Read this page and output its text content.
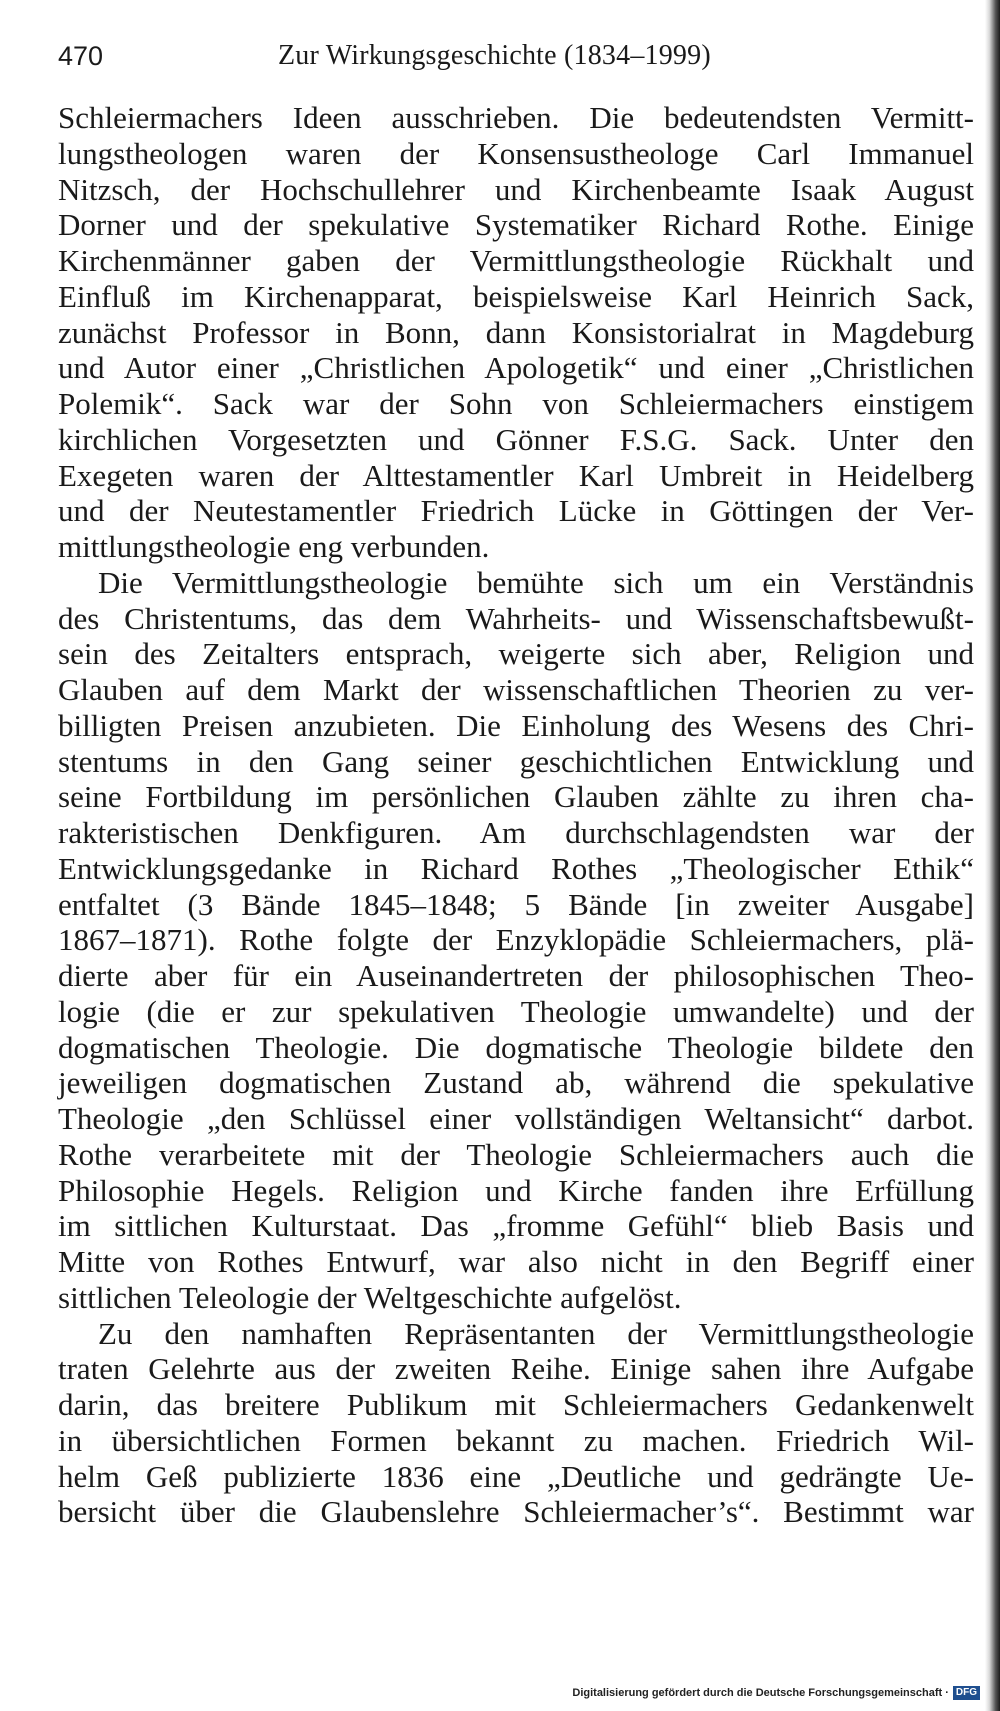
470	Zur Wirkungsgeschichte (1834–1999)
Schleiermachers Ideen ausschrieben. Die bedeutendsten Vermitt-
lungstheologen waren der Konsensustheologe Carl Immanuel
Nitzsch, der Hochschullehrer und Kirchenbeamte Isaak August
Dorner und der spekulative Systematiker Richard Rothe. Einige
Kirchenmänner gaben der Vermittlungstheologie Rückhalt und
Einfluß im Kirchenapparat, beispielsweise Karl Heinrich Sack,
zunächst Professor in Bonn, dann Konsistorialrat in Magdeburg
und Autor einer „Christlichen Apologetik“ und einer „Christlichen
Polemik“. Sack war der Sohn von Schleiermachers einstigem
kirchlichen Vorgesetzten und Gönner F.S.G. Sack. Unter den
Exegeten waren der Alttestamentler Karl Umbreit in Heidelberg
und der Neutestamentler Friedrich Lücke in Göttingen der Ver-
mittlungstheologie eng verbunden.
Die Vermittlungstheologie bemühte sich um ein Verständnis
des Christentums, das dem Wahrheits- und Wissenschaftsbewußt-
sein des Zeitalters entsprach, weigerte sich aber, Religion und
Glauben auf dem Markt der wissenschaftlichen Theorien zu ver-
billigten Preisen anzubieten. Die Einholung des Wesens des Chri-
stentums in den Gang seiner geschichtlichen Entwicklung und
seine Fortbildung im persönlichen Glauben zählte zu ihren cha-
rakteristischen Denkfiguren. Am durchschlagendsten war der
Entwicklungsgedanke in Richard Rothes „Theologischer Ethik“
entfaltet (3 Bände 1845–1848; 5 Bände [in zweiter Ausgabe]
1867–1871). Rothe folgte der Enzyklopädie Schleiermachers, plä-
dierte aber für ein Auseinandertreten der philosophischen Theo-
logie (die er zur spekulativen Theologie umwandelte) und der
dogmatischen Theologie. Die dogmatische Theologie bildete den
jeweiligen dogmatischen Zustand ab, während die spekulative
Theologie „den Schlüssel einer vollständigen Weltansicht“ darbot.
Rothe verarbeitete mit der Theologie Schleiermachers auch die
Philosophie Hegels. Religion und Kirche fanden ihre Erfüllung
im sittlichen Kulturstaat. Das „fromme Gefühl“ blieb Basis und
Mitte von Rothes Entwurf, war also nicht in den Begriff einer
sittlichen Teleologie der Weltgeschichte aufgelöst.
Zu den namhaften Repräsentanten der Vermittlungstheologie
traten Gelehrte aus der zweiten Reihe. Einige sahen ihre Aufgabe
darin, das breitere Publikum mit Schleiermachers Gedankenwelt
in übersichtlichen Formen bekannt zu machen. Friedrich Wil-
helm Geß publizierte 1836 eine „Deutliche und gedrängte Ue-
bersicht über die Glaubenslehre Schleiermacher’s“. Bestimmt war
Digitalisierung gefördert durch die Deutsche Forschungsgemeinschaft · DFG
